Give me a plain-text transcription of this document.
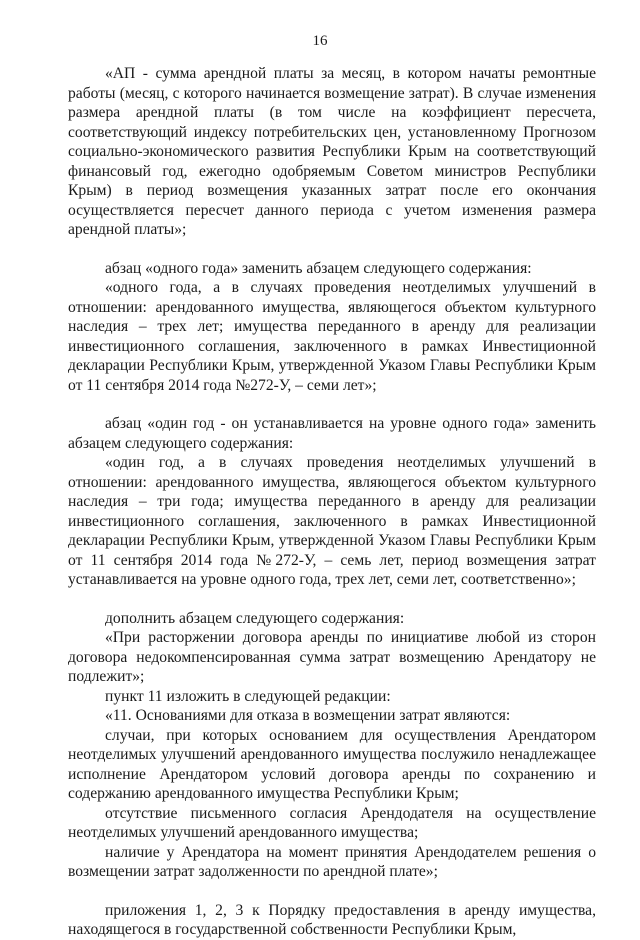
16

«АП - сумма арендной платы за месяц, в котором начаты ремонтные работы (месяц, с которого начинается возмещение затрат). В случае изменения размера арендной платы (в том числе на коэффициент пересчета, соответствующий индексу потребительских цен, установленному Прогнозом социально-экономического развития Республики Крым на соответствующий финансовый год, ежегодно одобряемым Советом министров Республики Крым) в период возмещения указанных затрат после его окончания осуществляется пересчет данного периода с учетом изменения размера арендной платы»;

абзац «одного года» заменить абзацем следующего содержания:

«одного года, а в случаях проведения неотделимых улучшений в отношении: арендованного имущества, являющегося объектом культурного наследия – трех лет; имущества переданного в аренду для реализации инвестиционного соглашения, заключенного в рамках Инвестиционной декларации Республики Крым, утвержденной Указом Главы Республики Крым от 11 сентября 2014 года №272-У, – семи лет»;

абзац «один год - он устанавливается на уровне одного года» заменить абзацем следующего содержания:

«один год, а в случаях проведения неотделимых улучшений в отношении: арендованного имущества, являющегося объектом культурного наследия – три года; имущества переданного в аренду для реализации инвестиционного соглашения, заключенного в рамках Инвестиционной декларации Республики Крым, утвержденной Указом Главы Республики Крым от 11 сентября 2014 года №272-У, – семь лет, период возмещения затрат устанавливается на уровне одного года, трех лет, семи лет, соответственно»;

дополнить абзацем следующего содержания:

«При расторжении договора аренды по инициативе любой из сторон договора недокомпенсированная сумма затрат возмещению Арендатору не подлежит»;

пункт 11 изложить в следующей редакции:

«11. Основаниями для отказа в возмещении затрат являются:

случаи, при которых основанием для осуществления Арендатором неотделимых улучшений арендованного имущества послужило ненадлежащее исполнение Арендатором условий договора аренды по сохранению и содержанию арендованного имущества Республики Крым;

отсутствие письменного согласия Арендодателя на осуществление неотделимых улучшений арендованного имущества;

наличие у Арендатора на момент принятия Арендодателем решения о возмещении затрат задолженности по арендной плате»;

приложения 1, 2, 3 к Порядку предоставления в аренду имущества, находящегося в государственной собственности Республики Крым,
